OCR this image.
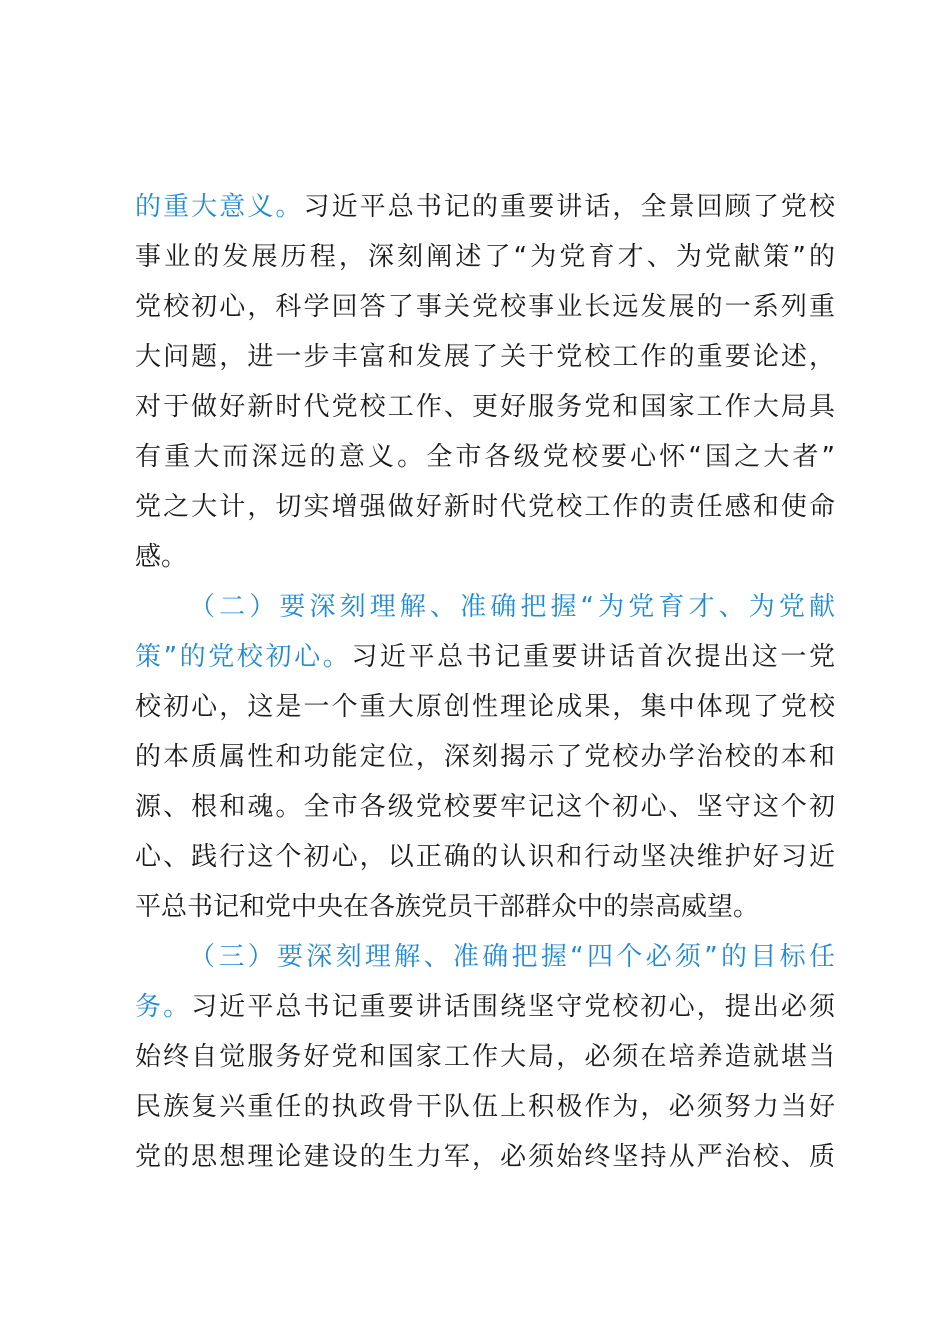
的重大意义。习近平总书记的重要讲话，全景回顾了党校
事业的发展历程，深刻阐述了“为党育才、为党献策”的
党校初心，科学回答了事关党校事业长远发展的一系列重
大问题，进一步丰富和发展了关于党校工作的重要论述，
对于做好新时代党校工作、更好服务党和国家工作大局具
有重大而深远的意义。全市各级党校要心怀“国之大者”
党之大计，切实增强做好新时代党校工作的责任感和使命
感。
（二）要深刻理解、准确把握“为党育才、为党献
策”的党校初心。习近平总书记重要讲话首次提出这一党
校初心，这是一个重大原创性理论成果，集中体现了党校
的本质属性和功能定位，深刻揭示了党校办学治校的本和
源、根和魂。全市各级党校要牢记这个初心、坚守这个初
心、践行这个初心，以正确的认识和行动坚决维护好习近
平总书记和党中央在各族党员干部群众中的崇高威望。
（三）要深刻理解、准确把握“四个必须”的目标任
务。习近平总书记重要讲话围绕坚守党校初心，提出必须
始终自觉服务好党和国家工作大局，必须在培养造就堪当
民族复兴重任的执政骨干队伍上积极作为，必须努力当好
党的思想理论建设的生力军，必须始终坚持从严治校、质
